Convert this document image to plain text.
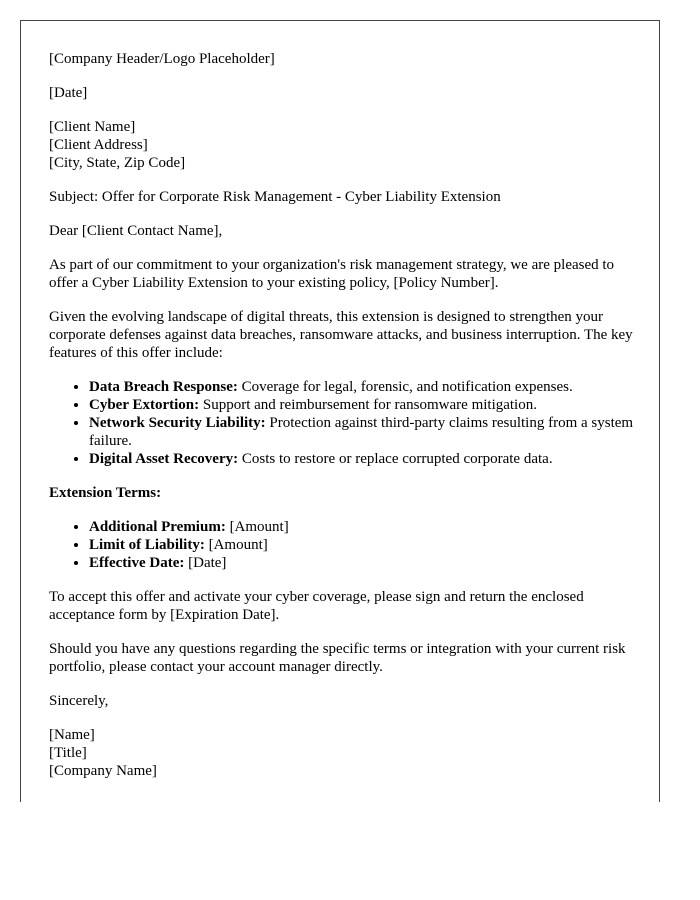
[Company Header/Logo Placeholder]

[Date]

[Client Name]
[Client Address]
[City, State, Zip Code]

Subject: Offer for Corporate Risk Management - Cyber Liability Extension

Dear [Client Contact Name],

As part of our commitment to your organization's risk management strategy, we are pleased to offer a Cyber Liability Extension to your existing policy, [Policy Number].

Given the evolving landscape of digital threats, this extension is designed to strengthen your corporate defenses against data breaches, ransomware attacks, and business interruption. The key features of this offer include:

• Data Breach Response: Coverage for legal, forensic, and notification expenses.
• Cyber Extortion: Support and reimbursement for ransomware mitigation.
• Network Security Liability: Protection against third-party claims resulting from a system failure.
• Digital Asset Recovery: Costs to restore or replace corrupted corporate data.

Extension Terms:

• Additional Premium: [Amount]
• Limit of Liability: [Amount]
• Effective Date: [Date]

To accept this offer and activate your cyber coverage, please sign and return the enclosed acceptance form by [Expiration Date].

Should you have any questions regarding the specific terms or integration with your current risk portfolio, please contact your account manager directly.

Sincerely,

[Name]
[Title]
[Company Name]
